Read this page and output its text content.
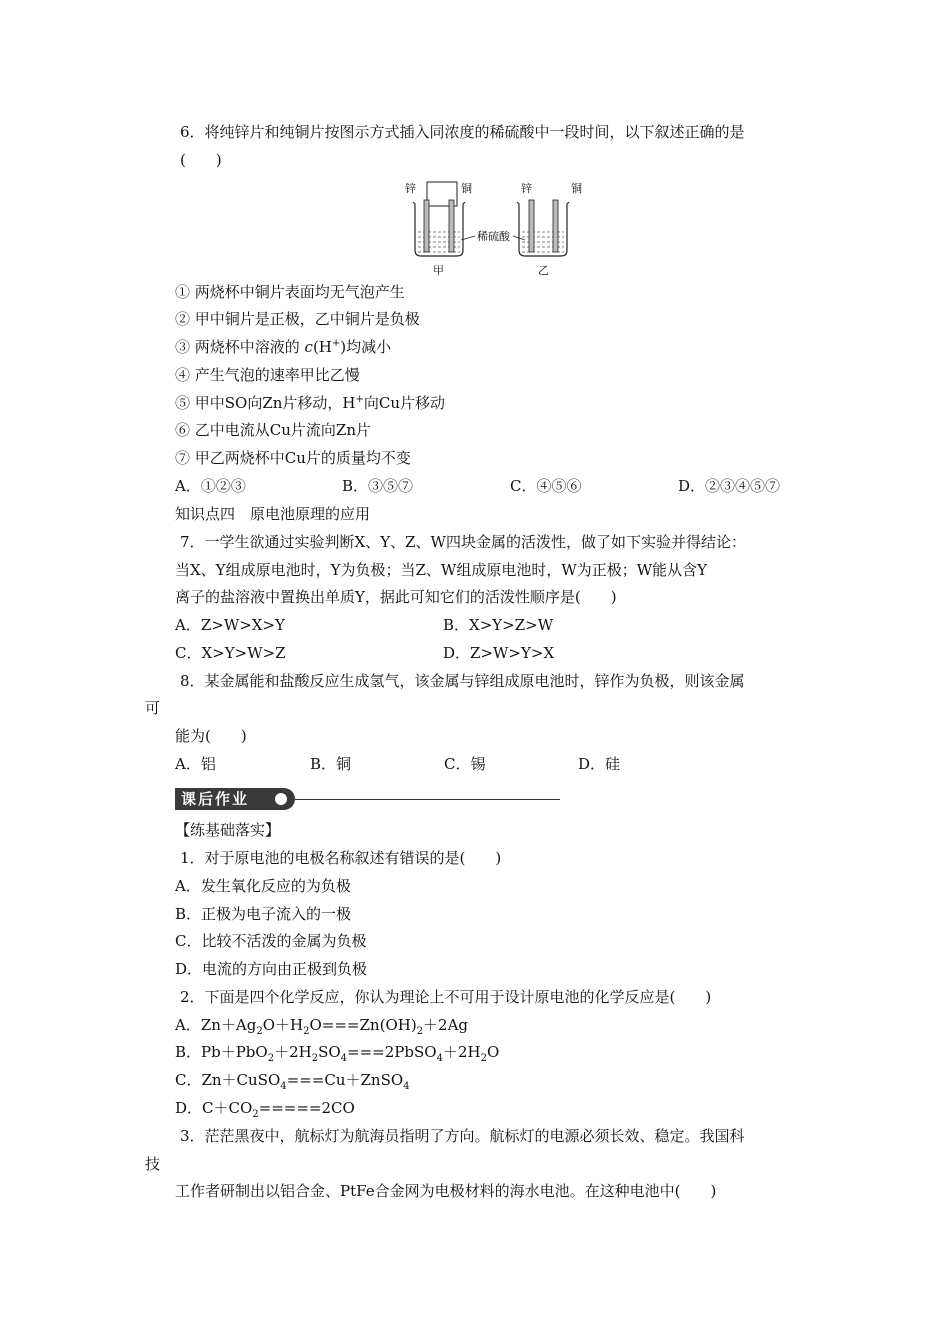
6．将纯锌片和纯铜片按图示方式插入同浓度的稀硫酸中一段时间，以下叙述正确的是
(　　)
锌	铜
甲
锌	铜
乙
稀硫酸
① 两烧杯中铜片表面均无气泡产生
② 甲中铜片是正极，乙中铜片是负极
③ 两烧杯中溶液的 c(H+)均减小
④ 产生气泡的速率甲比乙慢
⑤ 甲中SO向Zn片移动，H+向Cu片移动
⑥ 乙中电流从Cu片流向Zn片
⑦ 甲乙两烧杯中Cu片的质量均不变
A．①②③	B．③⑤⑦	C．④⑤⑥	D．②③④⑤⑦
知识点四　原电池原理的应用
7．一学生欲通过实验判断X、Y、Z、W四块金属的活泼性，做了如下实验并得结论：
当X、Y组成原电池时，Y为负极；当Z、W组成原电池时，W为正极；W能从含Y
离子的盐溶液中置换出单质Y，据此可知它们的活泼性顺序是(　　)
A．Z>W>X>Y	B．X>Y>Z>W
C．X>Y>W>Z	D．Z>W>Y>X
8．某金属能和盐酸反应生成氢气，该金属与锌组成原电池时，锌作为负极，则该金属
可
能为(　　)
A．铝	B．铜	C．锡	D．硅
课后作业
【练基础落实】
1．对于原电池的电极名称叙述有错误的是(　　)
A．发生氧化反应的为负极
B．正极为电子流入的一极
C．比较不活泼的金属为负极
D．电流的方向由正极到负极
2．下面是四个化学反应，你认为理论上不可用于设计原电池的化学反应是(　　)
A．$Zn+Ag_2O+H_2O===Zn(OH)_2+2Ag$
B．$Pb+PbO_2+2H_2SO_4===2PbSO_4+2H_2O$
C．Zn＋CuSO$_4$===Cu＋ZnSO$_4$
D．$C+CO_2=====2CO$
3．茫茫黑夜中，航标灯为航海员指明了方向。航标灯的电源必须长效、稳定。我国科
技
工作者研制出以铝合金、PtFe合金网为电极材料的海水电池。在这种电池中(　　)
